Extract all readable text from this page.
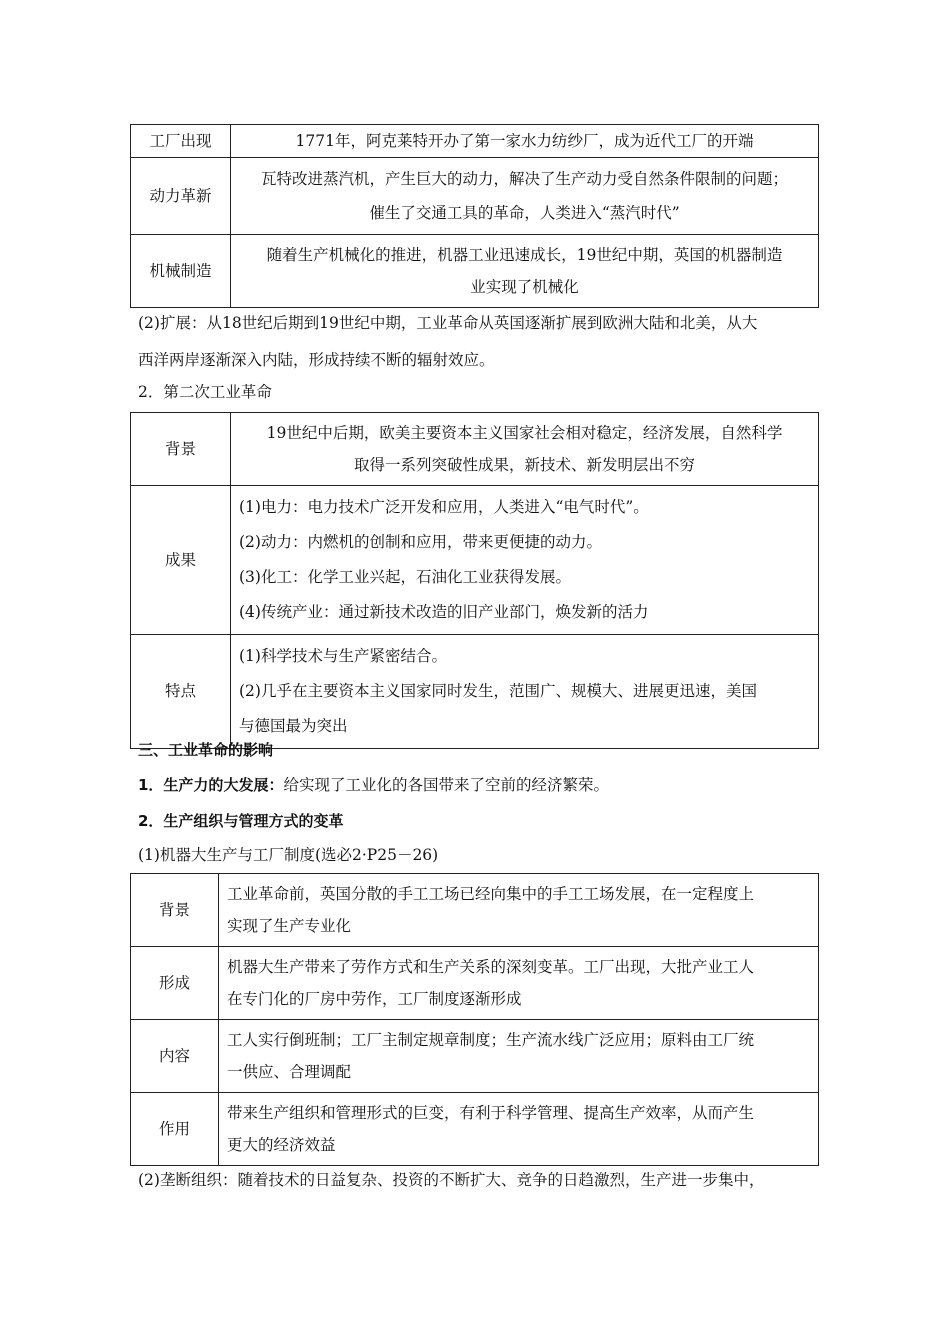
工厂出现	1771年，阿克莱特开办了第一家水力纺纱厂，成为近代工厂的开端

动力革新	瓦特改进蒸汽机，产生巨大的动力，解决了生产动力受自然条件限制的问题；
催生了交通工具的革命，人类进入“蒸汽时代”

机械制造	随着生产机械化的推进，机器工业迅速成长，19世纪中期，英国的机器制造
业实现了机械化
(2)扩展：从18世纪后期到19世纪中期，工业革命从英国逐渐扩展到欧洲大陆和北美，从大
西洋两岸逐渐深入内陆，形成持续不断的辐射效应。
2．第二次工业革命
背景	19世纪中后期，欧美主要资本主义国家社会相对稳定，经济发展，自然科学
取得一系列突破性成果，新技术、新发明层出不穷

成果	(1)电力：电力技术广泛开发和应用，人类进入“电气时代”。
(2)动力：内燃机的创制和应用，带来更便捷的动力。
(3)化工：化学工业兴起，石油化工业获得发展。
(4)传统产业：通过新技术改造的旧产业部门，焕发新的活力

特点	(1)科学技术与生产紧密结合。
(2)几乎在主要资本主义国家同时发生，范围广、规模大、进展更迅速，美国
与德国最为突出
三、工业革命的影响
1．生产力的大发展：给实现了工业化的各国带来了空前的经济繁荣。
2．生产组织与管理方式的变革
(1)机器大生产与工厂制度(选必2·P25－26)
背景	工业革命前，英国分散的手工工场已经向集中的手工工场发展，在一定程度上
实现了生产专业化

形成	机器大生产带来了劳作方式和生产关系的深刻变革。工厂出现，大批产业工人
在专门化的厂房中劳作，工厂制度逐渐形成

内容	工人实行倒班制；工厂主制定规章制度；生产流水线广泛应用；原料由工厂统
一供应、合理调配

作用	带来生产组织和管理形式的巨变，有利于科学管理、提高生产效率，从而产生
更大的经济效益
(2)垄断组织：随着技术的日益复杂、投资的不断扩大、竞争的日趋激烈，生产进一步集中，
